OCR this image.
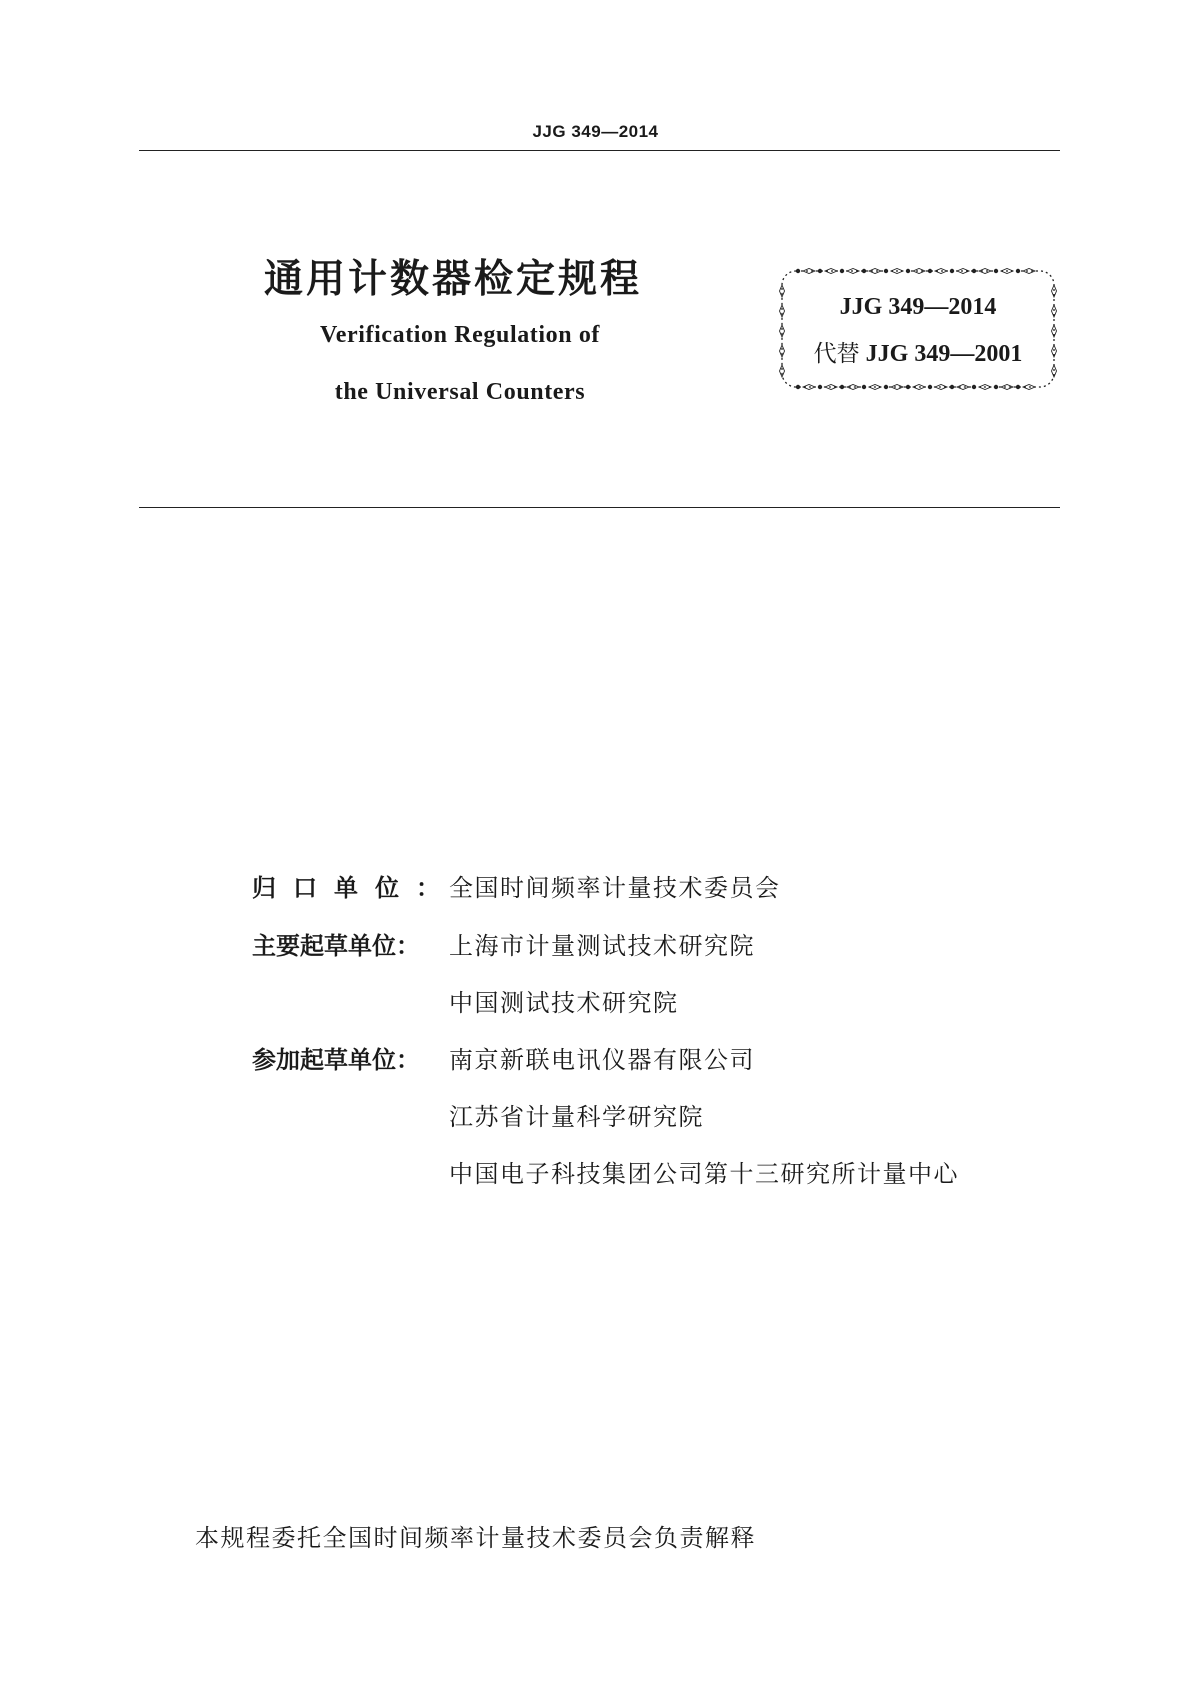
JJG 349—2014
通用计数器检定规程
Verification Regulation of
the Universal Counters
JJG 349—2014
代替 JJG 349—2001
归口单位：
全国时间频率计量技术委员会
主要起草单位：	上海市计量测试技术研究院
中国测试技术研究院
参加起草单位：	南京新联电讯仪器有限公司
江苏省计量科学研究院
中国电子科技集团公司第十三研究所计量中心
本规程委托全国时间频率计量技术委员会负责解释
